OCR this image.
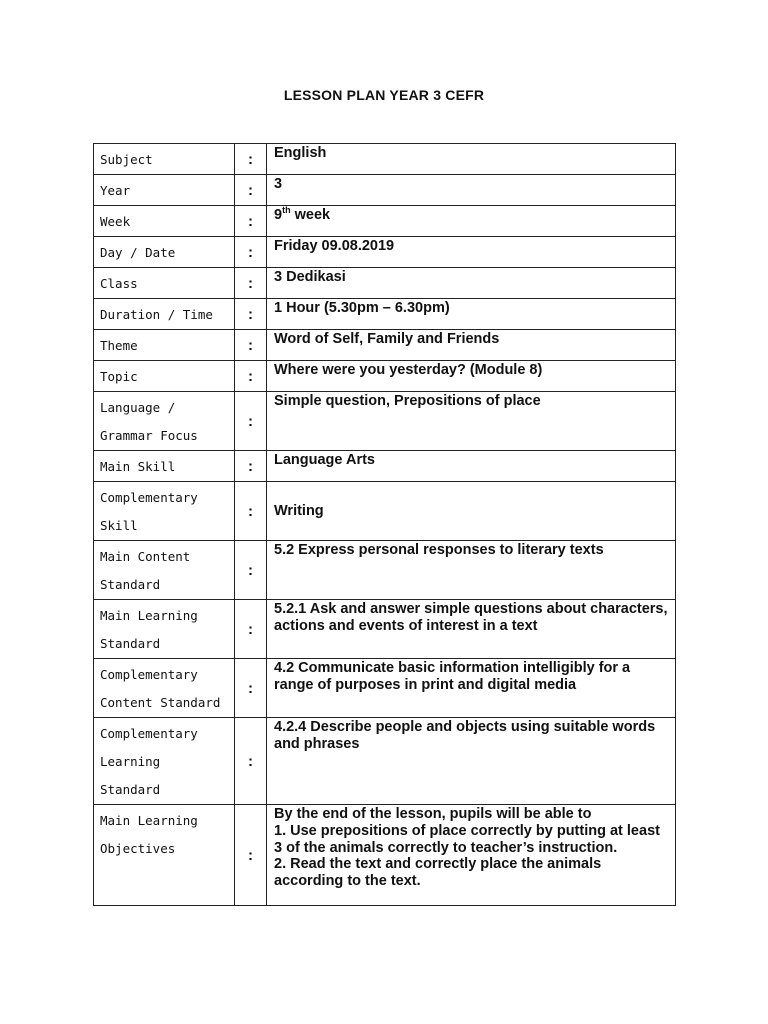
LESSON PLAN YEAR 3 CEFR
Subject	:	English
Year	:	3
Week	:	9th week
Day / Date	:	Friday 09.08.2019
Class	:	3 Dedikasi
Duration / Time	:	1 Hour (5.30pm – 6.30pm)
Theme	:	Word of Self, Family and Friends
Topic	:	Where were you yesterday? (Module 8)
Language /
Grammar Focus	:	Simple question, Prepositions of place
Main Skill	:	Language Arts
Complementary
Skill	:	Writing
Main Content
Standard	:	5.2 Express personal responses to literary texts
Main Learning
Standard	:	5.2.1 Ask and answer simple questions about characters, actions and events of interest in a text
Complementary
Content Standard	:	4.2 Communicate basic information intelligibly for a range of purposes in print and digital media
Complementary
Learning
Standard	:	4.2.4 Describe people and objects using suitable words and phrases
Main Learning
Objectives	:	By the end of the lesson, pupils will be able to
1. Use prepositions of place correctly by putting at least 3 of the animals correctly to teacher’s instruction.
2. Read the text and correctly place the animals according to the text.
